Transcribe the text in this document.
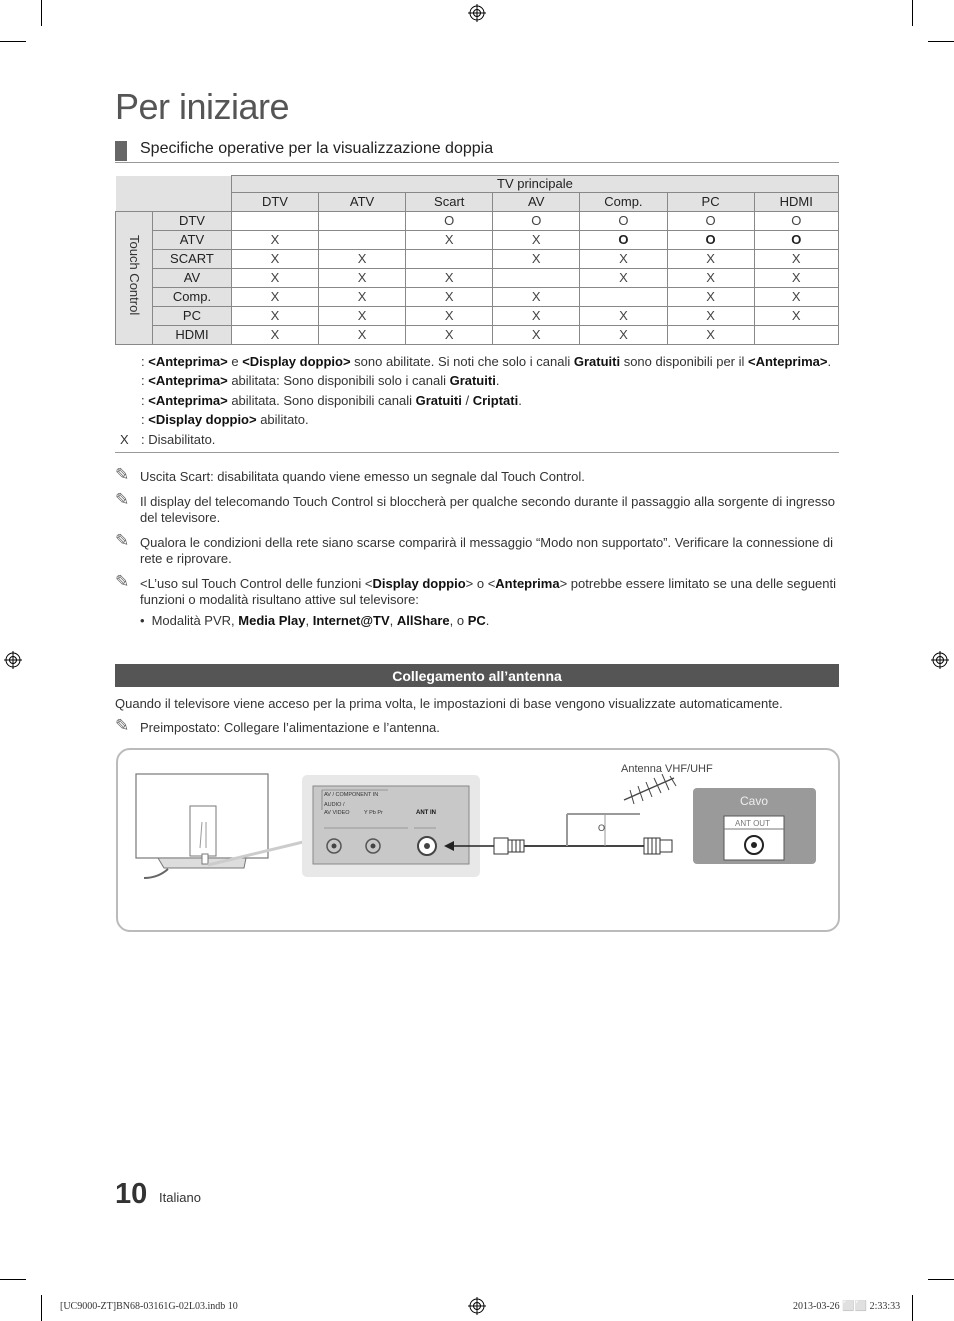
Per iniziare
Specifiche operative per la visualizzazione doppia
		TV principale						
		DTV	ATV	Scart	AV	Comp.	PC	HDMI
Touch Control	DTV			O	O	O	O	O
	ATV	X		X	X	O	O	O
	SCART	X	X		X	X	X	X
	AV	X	X	X		X	X	X
	Comp.	X	X	X	X		X	X
	PC	X	X	X	X	X	X	X
	HDMI	X	X	X	X	X	X	
: <Anteprima> e <Display doppio> sono abilitate. Si noti che solo i canali Gratuiti sono disponibili per il <Anteprima>.
: <Anteprima> abilitata: Sono disponibili solo i canali Gratuiti.
: <Anteprima> abilitata. Sono disponibili canali Gratuiti / Criptati.
: <Display doppio> abilitato.
X : Disabilitato.
✎ Uscita Scart: disabilitata quando viene emesso un segnale dal Touch Control.
✎ Il display del telecomando Touch Control si bloccherà per qualche secondo durante il passaggio alla sorgente di ingresso del televisore.
✎ Qualora le condizioni della rete siano scarse comparirà il messaggio “Modo non supportato”. Verificare la connessione di rete e riprovare.
✎ <L’uso sul Touch Control delle funzioni <Display doppio> o <Anteprima> potrebbe essere limitato se una delle seguenti funzioni o modalità risultano attive sul televisore:
• Modalità PVR, Media Play, Internet@TV, AllShare, o PC.
Collegamento all’antenna
Quando il televisore viene acceso per la prima volta, le impostazioni di base vengono visualizzate automaticamente.
✎ Preimpostato: Collegare l’alimentazione e l’antenna.
AV / COMPONENT IN
AUDIO /
AV VIDEO	Y Pb Pr	ANT IN
O
Antenna VHF/UHF
Cavo
ANT OUT
10 Italiano
[UC9000-ZT]BN68-03161G-02L03.indb 10	2013-03-26 ⬜⬜ 2:33:33
